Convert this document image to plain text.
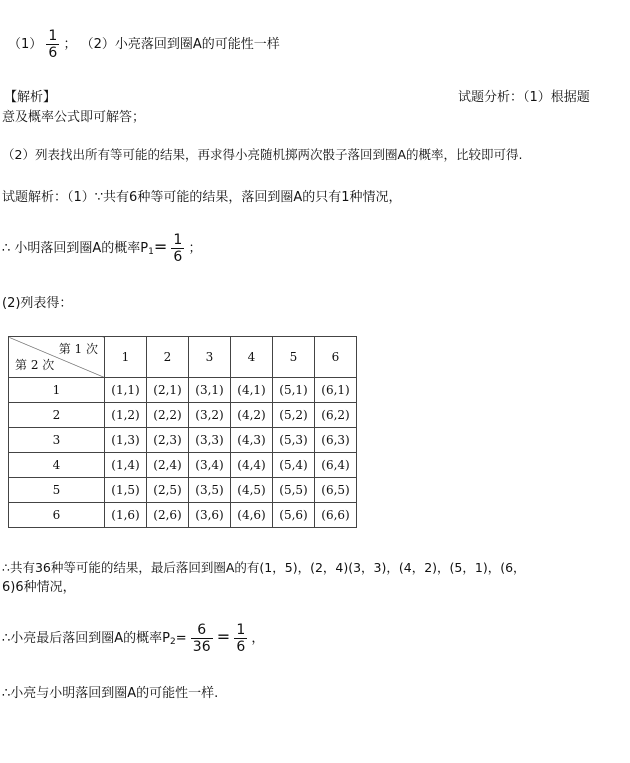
$(1) \frac{1}{6}$ ； （2）小亮落回到圈A的可能性一样
【解析】	试题分析：（1）根据题
意及概率公式即可解答；
（2）列表找出所有等可能的结果，再求得小亮随机掷两次骰子落回到圈A的概率，比较即可得.
试题解析：（1）∵共有6种等可能的结果，落回到圈A的只有1种情况，
∴ 小明落回到圈A的概率$P_1= \frac{1}{6}$ ；
(2)列表得：
第 1 次
第 2 次	1	2	3	4	5	6
1	(1,1)	(2,1)	(3,1)	(4,1)	(5,1)	(6,1)
2	(1,2)	(2,2)	(3,2)	(4,2)	(5,2)	(6,2)
3	(1,3)	(2,3)	(3,3)	(4,3)	(5,3)	(6,3)
4	(1,4)	(2,4)	(3,4)	(4,4)	(5,4)	(6,4)
5	(1,5)	(2,5)	(3,5)	(4,5)	(5,5)	(6,5)
6	(1,6)	(2,6)	(3,6)	(4,6)	(5,6)	(6,6)
∴共有36种等可能的结果，最后落回到圈A的有(1，5)，(2，4)(3，3)，(4，2)，(5，1)，(6，
6)6种情况，
∴小亮最后落回到圈A的概率$P_2= \frac{6}{36} = \frac{1}{6}$ ，
∴小亮与小明落回到圈A的可能性一样.
